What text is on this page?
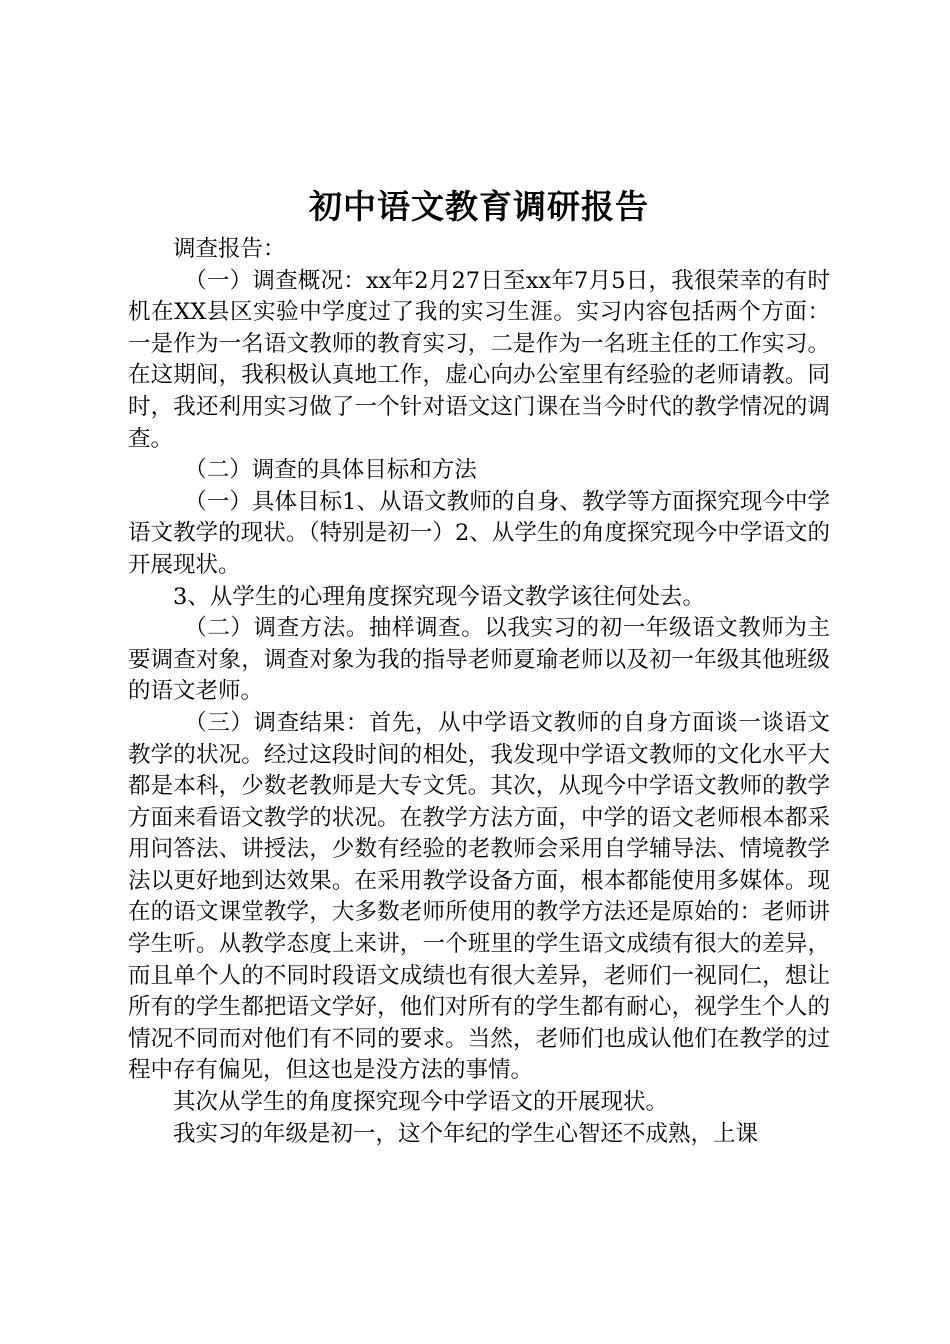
初中语文教育调研报告

调查报告：

（一）调查概况：xx年2月27日至xx年7月5日，我很荣幸的有时机在XX县区实验中学度过了我的实习生涯。实习内容包括两个方面：一是作为一名语文教师的教育实习，二是作为一名班主任的工作实习。在这期间，我积极认真地工作，虚心向办公室里有经验的老师请教。同时，我还利用实习做了一个针对语文这门课在当今时代的教学情况的调查。

（二）调查的具体目标和方法

（一）具体目标1、从语文教师的自身、教学等方面探究现今中学语文教学的现状。（特别是初一）2、从学生的角度探究现今中学语文的开展现状。

3、从学生的心理角度探究现今语文教学该往何处去。

（二）调查方法。抽样调查。以我实习的初一年级语文教师为主要调查对象，调查对象为我的指导老师夏瑜老师以及初一年级其他班级的语文老师。

（三）调查结果：首先，从中学语文教师的自身方面谈一谈语文教学的状况。经过这段时间的相处，我发现中学语文教师的文化水平大都是本科，少数老教师是大专文凭。其次，从现今中学语文教师的教学方面来看语文教学的状况。在教学方法方面，中学的语文老师根本都采用问答法、讲授法，少数有经验的老教师会采用自学辅导法、情境教学法以更好地到达效果。在采用教学设备方面，根本都能使用多媒体。现在的语文课堂教学，大多数老师所使用的教学方法还是原始的：老师讲学生听。从教学态度上来讲，一个班里的学生语文成绩有很大的差异，而且单个人的不同时段语文成绩也有很大差异，老师们一视同仁，想让所有的学生都把语文学好，他们对所有的学生都有耐心，视学生个人的情况不同而对他们有不同的要求。当然，老师们也成认他们在教学的过程中存有偏见，但这也是没方法的事情。

其次从学生的角度探究现今中学语文的开展现状。

我实习的年级是初一，这个年纪的学生心智还不成熟，上课
